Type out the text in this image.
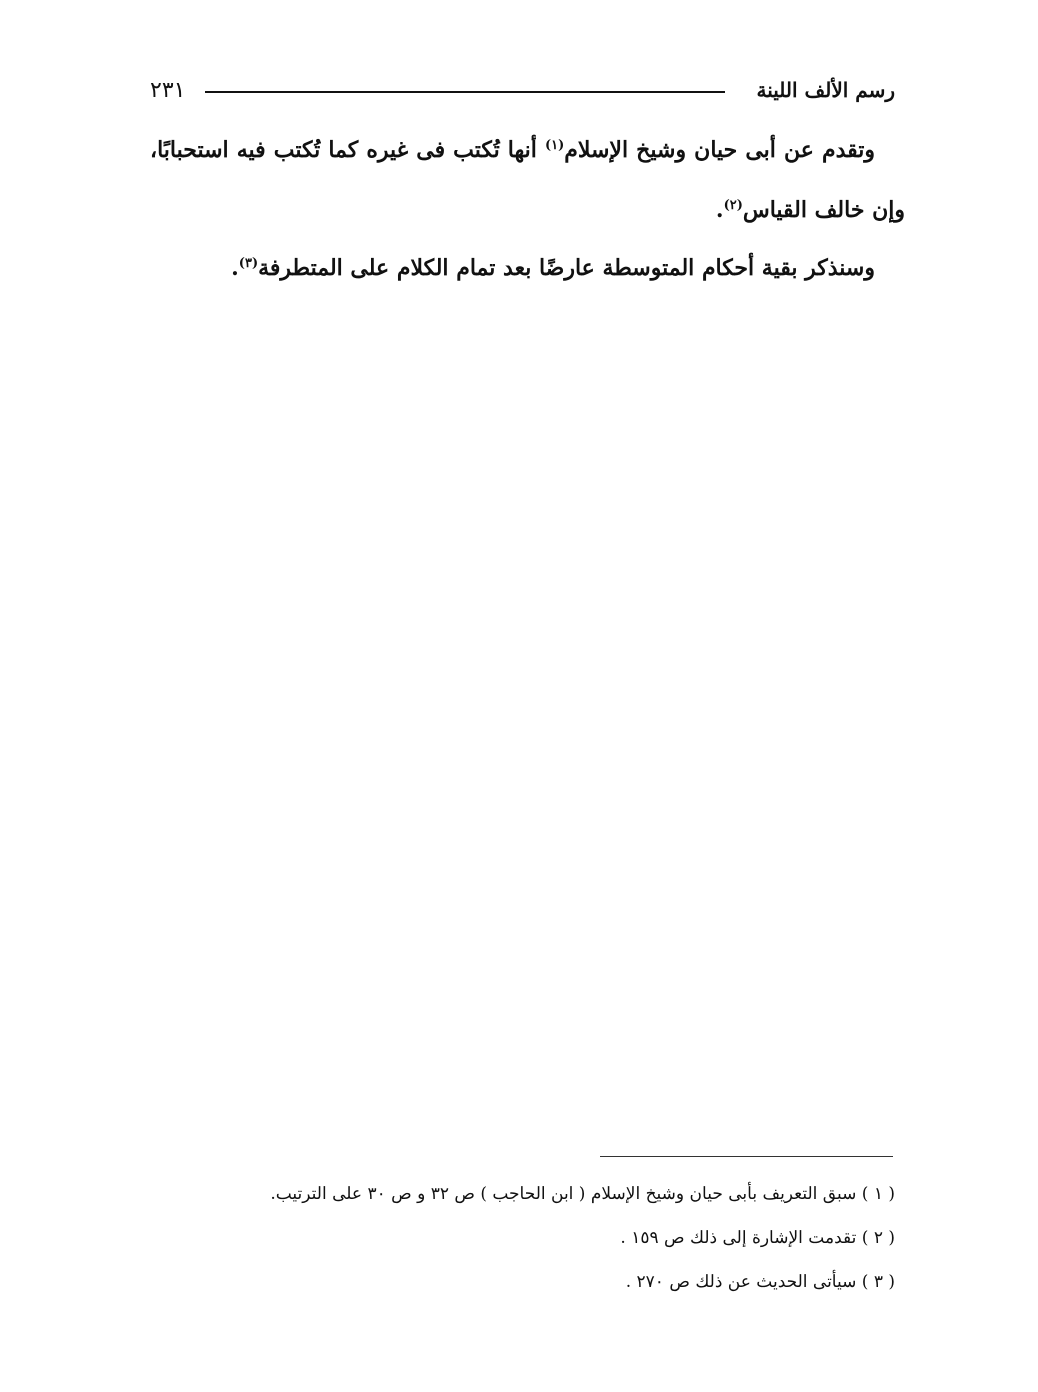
٢٣١	رسم الألف اللينة

وتقدم عن أبى حيان وشيخ الإسلام$^{(١)}$ أنها تُكتب فى غيره كما تُكتب فيه استحبابًا، وإن خالف القياس$^{(٢)}$.

وسنذكر بقية أحكام المتوسطة عارضًا بعد تمام الكلام على المتطرفة$^{(٣)}$.

( ١ ) سبق التعريف بأبى حيان وشيخ الإسلام ( ابن الحاجب ) ص ٣٢ و ص ٣٠ على الترتيب.

( ٢ ) تقدمت الإشارة إلى ذلك ص ١٥٩ .

( ٣ ) سيأتى الحديث عن ذلك ص ٢٧٠ .
